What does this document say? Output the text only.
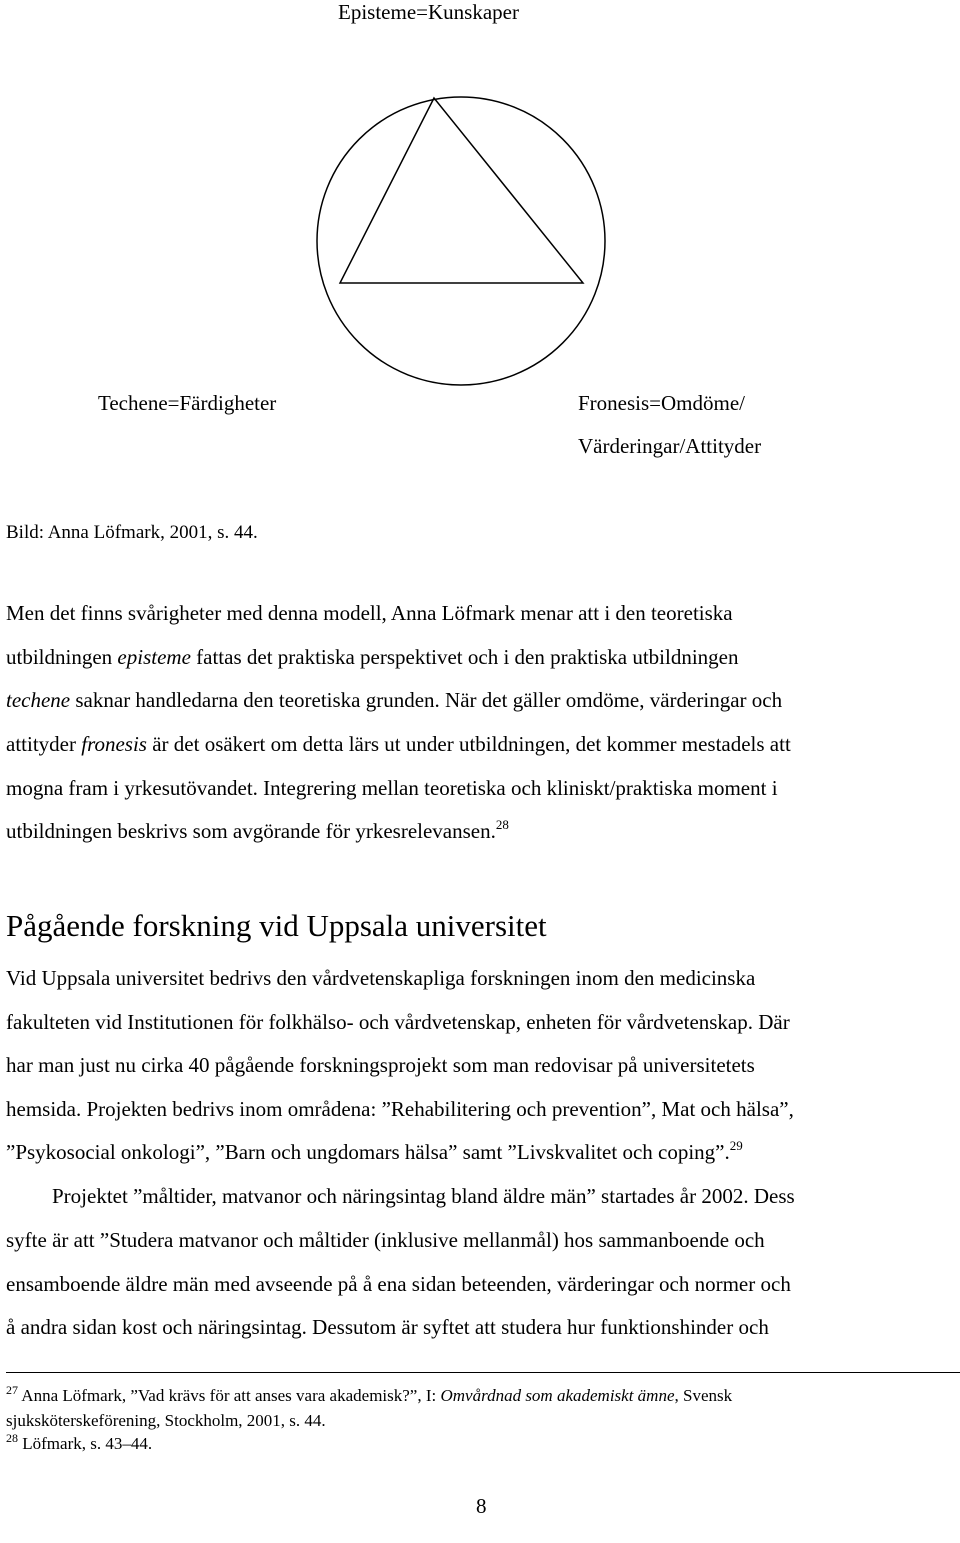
Episteme=Kunskaper
Techene=Färdigheter	Fronesis=Omdöme/
Värderingar/Attityder
Bild: Anna Löfmark, 2001, s. 44.
Men det finns svårigheter med denna modell, Anna Löfmark menar att i den teoretiska
utbildningen episteme fattas det praktiska perspektivet och i den praktiska utbildningen
techene saknar handledarna den teoretiska grunden. När det gäller omdöme, värderingar och
attityder fronesis är det osäkert om detta lärs ut under utbildningen, det kommer mestadels att
mogna fram i yrkesutövandet. Integrering mellan teoretiska och kliniskt/praktiska moment i
utbildningen beskrivs som avgörande för yrkesrelevansen.$^{28}$
Pågående forskning vid Uppsala universitet
Vid Uppsala universitet bedrivs den vårdvetenskapliga forskningen inom den medicinska
fakulteten vid Institutionen för folkhälso- och vårdvetenskap, enheten för vårdvetenskap. Där
har man just nu cirka 40 pågående forskningsprojekt som man redovisar på universitetets
hemsida. Projekten bedrivs inom områdena: ”Rehabilitering och prevention”, Mat och hälsa”,
”Psykosocial onkologi”, ”Barn och ungdomars hälsa” samt ”Livskvalitet och coping”.$^{29}$
Projektet ”måltider, matvanor och näringsintag bland äldre män” startades år 2002. Dess
syfte är att ”Studera matvanor och måltider (inklusive mellanmål) hos sammanboende och
ensamboende äldre män med avseende på å ena sidan beteenden, värderingar och normer och
å andra sidan kost och näringsintag. Dessutom är syftet att studera hur funktionshinder och
$^{27}$ Anna Löfmark, ”Vad krävs för att anses vara akademisk?”, I: Omvårdnad som akademiskt ämne, Svensk
sjuksköterskeförening, Stockholm, 2001, s. 44.
$^{28}$ Löfmark, s. 43–44.
8
